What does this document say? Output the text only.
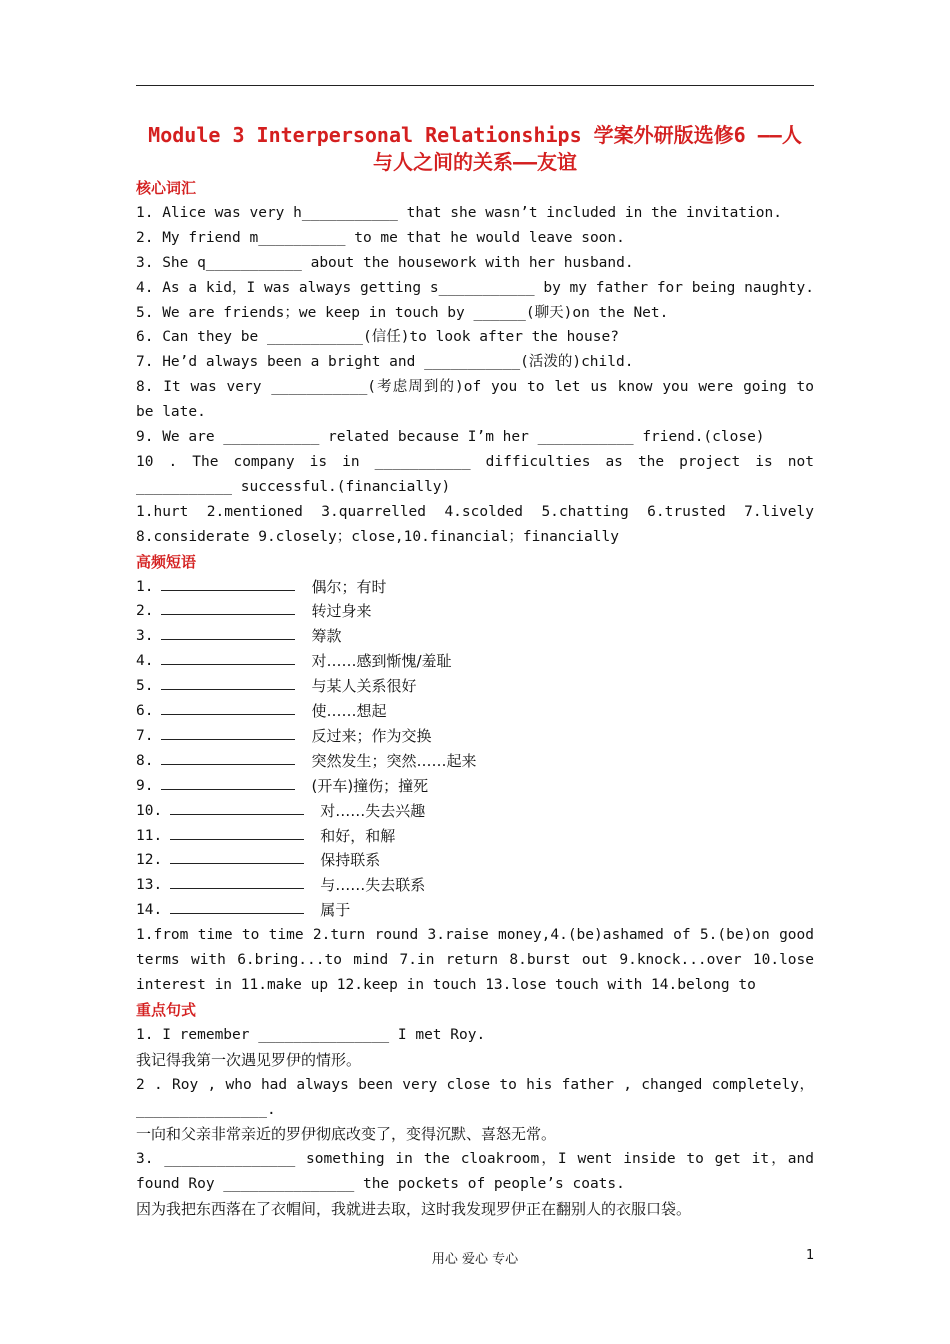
Module 3 Interpersonal Relationships 学案外研版选修6 ——人
与人之间的关系——友谊
核心词汇
1. Alice was very h___________ that she wasn’t included in the invitation.
2. My friend m__________ to me that he would leave soon.
3. She q___________ about the housework with her husband.
4. As a kid，I was always getting s___________ by my father for being naughty.
5. We are friends；we keep in touch by ______(聊天)on the Net.
6. Can they be ___________(信任)to look after the house?
7. He’d always been a bright and ___________(活泼的)child.
8. It was very ___________(考虑周到的)of you to let us know you were going to be late.
9. We are ___________ related because I’m her ___________ friend.(close)
10 . The company is in ___________ difficulties as the project is not ___________ successful.(financially)
1.hurt 2.mentioned 3.quarrelled 4.scolded 5.chatting 6.trusted 7.lively 8.considerate 9.closely；close,10.financial；financially
高频短语
1.	偶尔；有时
2.	转过身来
3.	筹款
4.	对……感到惭愧/羞耻
5.	与某人关系很好
6.	使……想起
7.	反过来；作为交换
8.	突然发生；突然……起来
9.	(开车)撞伤；撞死
10.	对……失去兴趣
11.	和好，和解
12.	保持联系
13.	与……失去联系
14.	属于
1.from time to time 2.turn round 3.raise money,4.(be)ashamed of 5.(be)on good terms with 6.bring...to mind 7.in return 8.burst out 9.knock...over 10.lose interest in 11.make up 12.keep in touch 13.lose touch with 14.belong to
重点句式
1. I remember _______________ I met Roy.
我记得我第一次遇见罗伊的情形。
2 . Roy , who had always been very close to his father , changed completely，_______________.
一向和父亲非常亲近的罗伊彻底改变了，变得沉默、喜怒无常。
3. _______________ something in the cloakroom，I went inside to get it，and found Roy _______________ the pockets of people’s coats.
因为我把东西落在了衣帽间，我就进去取，这时我发现罗伊正在翻别人的衣服口袋。
用心 爱心 专心	1
